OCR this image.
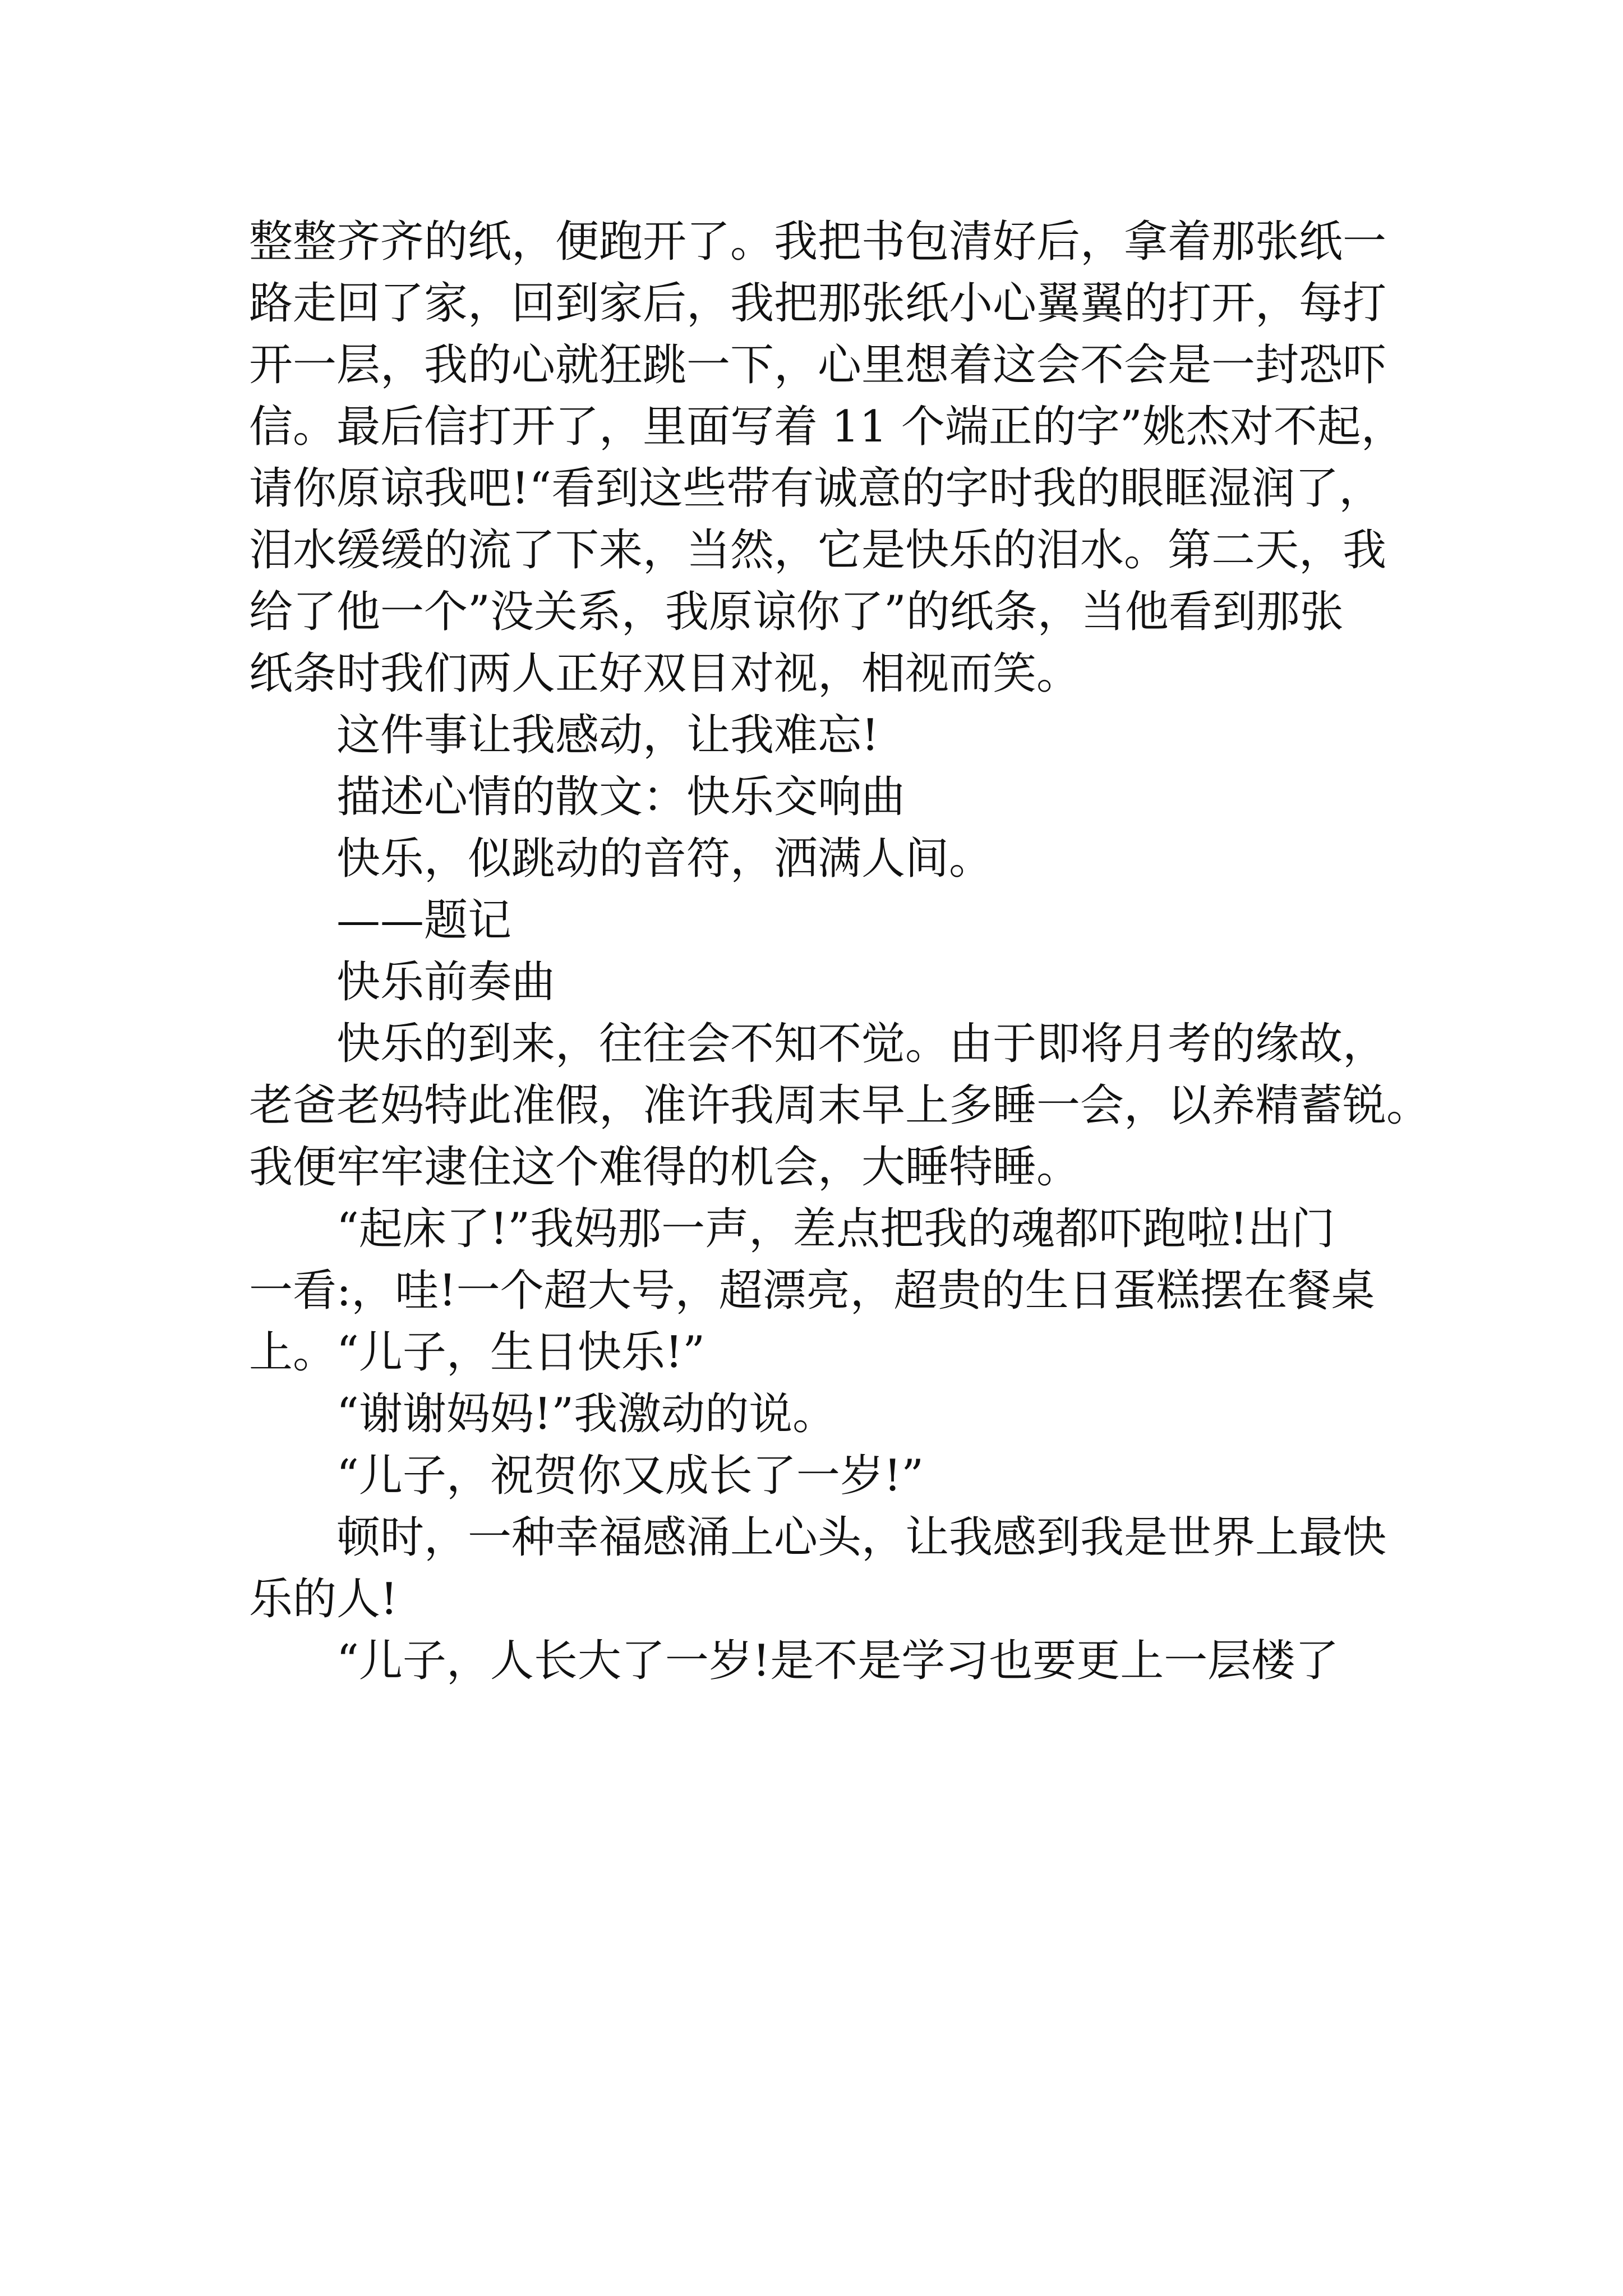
整整齐齐的纸，便跑开了。我把书包清好后，拿着那张纸一

路走回了家，回到家后，我把那张纸小心翼翼的打开，每打

开一层，我的心就狂跳一下，心里想着这会不会是一封恐吓

信。最后信打开了，里面写着 11 个端正的字”姚杰对不起，

请你原谅我吧!“看到这些带有诚意的字时我的眼眶湿润了，

泪水缓缓的流了下来，当然，它是快乐的泪水。第二天，我

给了他一个”没关系，我原谅你了”的纸条，当他看到那张

纸条时我们两人正好双目对视，相视而笑。

这件事让我感动，让我难忘!

描述心情的散文：快乐交响曲

快乐，似跳动的音符，洒满人间。

——题记

快乐前奏曲

快乐的到来，往往会不知不觉。由于即将月考的缘故，

老爸老妈特此准假，准许我周末早上多睡一会，以养精蓄锐。

我便牢牢逮住这个难得的机会，大睡特睡。

“起床了!”我妈那一声，差点把我的魂都吓跑啦!出门

一看:，哇!一个超大号，超漂亮，超贵的生日蛋糕摆在餐桌

上。“儿子，生日快乐!”

“谢谢妈妈!”我激动的说。

“儿子，祝贺你又成长了一岁!”

顿时，一种幸福感涌上心头，让我感到我是世界上最快

乐的人!

“儿子，人长大了一岁!是不是学习也要更上一层楼了
